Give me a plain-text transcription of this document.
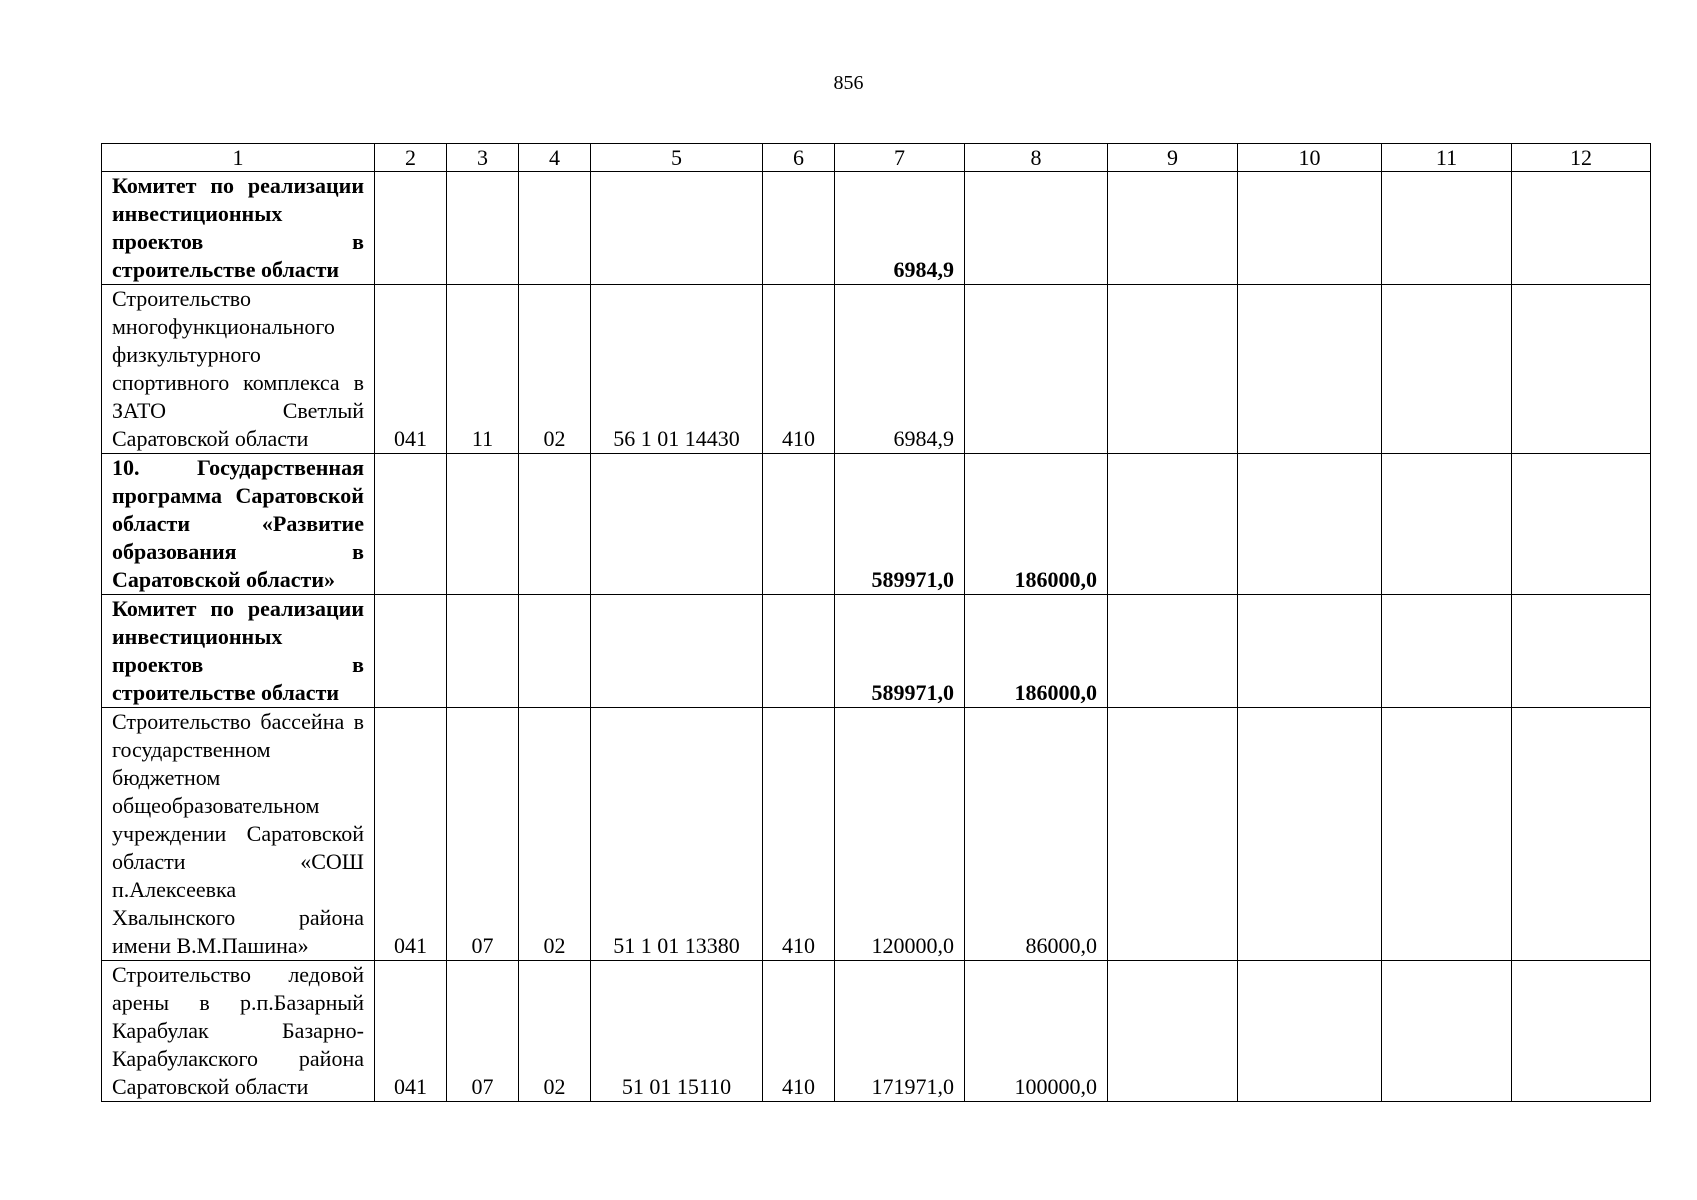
856
1	2	3	4	5	6	7	8	9	10	11	12
Комитет по реализации инвестиционных проектов в строительстве области						6984,9					
Строительство многофункционального физкультурного спортивного комплекса в ЗАТО Светлый Саратовской области	041	11	02	56 1 01 14430	410	6984,9					
10. Государственная программа Саратовской области «Развитие образования в Саратовской области»						589971,0	186000,0				
Комитет по реализации инвестиционных проектов в строительстве области						589971,0	186000,0				
Строительство бассейна в государственном бюджетном общеобразовательном учреждении Саратовской области «СОШ п.Алексеевка Хвалынского района имени В.М.Пашина»	041	07	02	51 1 01 13380	410	120000,0	86000,0				
Строительство ледовой арены в р.п.Базарный Карабулак Базарно-Карабулакского района Саратовской области	041	07	02	51 01 15110	410	171971,0	100000,0				
